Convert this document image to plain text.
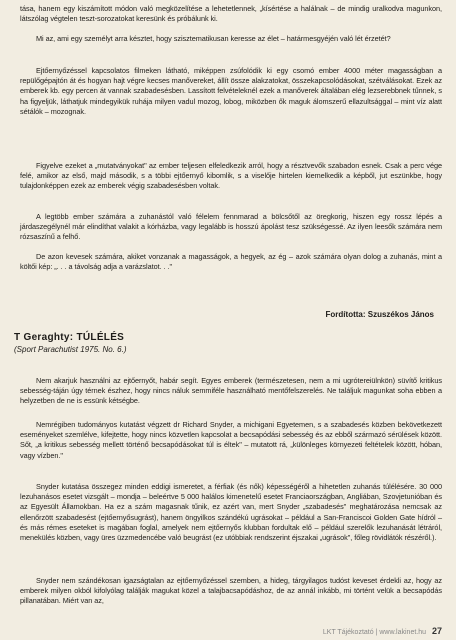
tása, hanem egy kiszámított módon való megközelítése a lehetetlennek, „kísértése a halálnak – de mindig uralkodva magunkon, látszólag végtelen teszt-sorozatokat keresünk és próbálunk ki.

Mi az, ami egy személyt arra késztet, hogy szisztematikusan keresse az élet – határmesgyéjén való lét érzetét?

Ejtőernyőzéssel kapcsolatos filmeken látható, miképpen zsúfolódik ki egy csomó ember 4000 méter magasságban a repülőgépajtón át és hogyan hajt végre kecses manővereket, állít össze alakzatokat, összekapcsolódásokat, szétválásokat. Ezek az emberek kb. egy percen át vannak szabadesésben. Lassított felvételeknél ezek a manőverek általában elég lezserebbnek tűnnek, s ha figyeljük, láthatjuk mindegyikük ruhája milyen vadul mozog, lobog, miközben ők maguk álomszerű ellazultsággal – mint víz alatt sétálók – mozognak.

Figyelve ezeket a „mutatványokat" az ember teljesen elfeledkezik arról, hogy a résztvevők szabadon esnek. Csak a perc vége felé, amikor az első, majd második, s a többi ejtőernyő kibomlik, s a viselője hirtelen kiemelkedik a képből, jut eszünkbe, hogy tulajdonképpen ezek az emberek végig szabadesésben voltak.

A legtöbb ember számára a zuhanástól való félelem fennmarad a bölcsőtől az öregkorig, hiszen egy rossz lépés a járdaszegélynél már elindíthat valakit a kórházba, vagy legalább is hosszú ápolást tesz szükségessé. Az ilyen leesők számára nem rózsaszínű a felhő.

De azon kevesek számára, akiket vonzanak a magasságok, a hegyek, az ég – azok számára olyan dolog a zuhanás, mint a költői kép: „. . . a távolság adja a varázslatot. . ."

Fordította: Szuszékos János
T Geraghty: TÚLÉLÉS
(Sport Parachutist 1975. No. 6.)

Nem akarjuk használni az ejtőernyőt, habár segít. Egyes emberek (természetesen, nem a mi ugrótereiülnkön) süvítő kritikus sebesség-táján úgy térnek észhez, hogy nincs náluk semmiféle használható mentőfelszerelés. Ne találjuk magunkat soha ebben a helyzetben de ne is essünk kétségbe.

Nemrégiben tudományos kutatást végzett dr Richard Snyder, a michigani Egyetemen, s a szabadesés közben bekövetkezett eseményeket szemlélve, kifejtette, hogy nincs közvetlen kapcsolat a becsapódási sebesség és az ebből származó sérülések között. Sőt, „a kritikus sebesség mellett történő becsapódásokat túl is éltek" – mutatott rá, „különleges környezeti feltételek között, hóban, vagy vízben."

Snyder kutatása összegez minden eddigi ismeretet, a férfiak (és nők) képességéről a hihetetlen zuhanás túlélésére. 30 000 lezuhanásos esetet vizsgált – mondja – beleértve 5 000 halálos kimenetelű esetet Franciaországban, Angliában, Szovjetunióban és az Egyesült Államokban. Ha ez a szám magasnak tűnik, ez azért van, mert Snyder „szabadesés" meghatározása nemcsak az ellenőrzött szabadesést (ejtőernyősugrást), hanem öngyilkos szándékú ugrásokat – például a San-Franciscoi Golden Gate hídról – és más rémes eseteket is magában foglal, amelyek nem ejtőernyős klubban fordultak elő – például szerelők lezuhanását létráról, menekülés közben, vagy üres üzzmedencébe való beugrást (ez utóbbiak rendszerint éjszakai „ugrások", főleg rövidlátók részéről.).

Snyder nem szándékosan igazságtalan az ejtőernyőzéssel szemben, a hideg, tárgyilagos tudóst keveset érdekli az, hogy az emberek milyen okból kifolyólag találják magukat közel a talajbacsapódáshoz, de az annál inkább, mi történt velük a becsapódás pillanatában. Miért van az,

LKT Tájékoztató | www.lakinet.hu 27
